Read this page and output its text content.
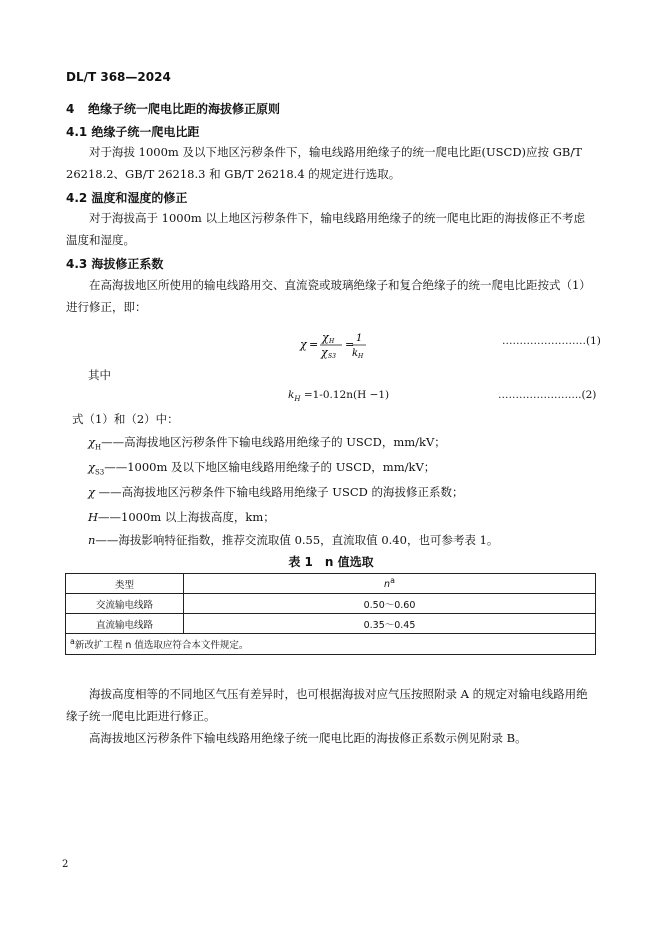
DL/T 368—2024
4 绝缘子统一爬电比距的海拔修正原则
4.1 绝缘子统一爬电比距
对于海拔 1000m 及以下地区污秽条件下，输电线路用绝缘子的统一爬电比距(USCD)应按 GB/T 26218.2、GB/T 26218.3 和 GB/T 26218.4 的规定进行选取。
4.2 温度和湿度的修正
对于海拔高于 1000m 以上地区污秽条件下，输电线路用绝缘子的统一爬电比距的海拔修正不考虑温度和湿度。
4.3 海拔修正系数
在高海拔地区所使用的输电线路用交、直流瓷或玻璃绝缘子和复合绝缘子的统一爬电比距按式（1）进行修正，即：
χ =
χ H
χ S3
= 1
k H
……………………(1)
其中
$k_H =1-0.12n(H -1)$	…………………...(2)
式（1）和（2）中：
$\chi_H——$高海拔地区污秽条件下输电线路用绝缘子的 USCD，mm/kV；
$\chi_{S3}——1000m$ 及以下地区输电线路用绝缘子的 USCD，mm/kV；
χ ——高海拔地区污秽条件下输电线路用绝缘子 USCD 的海拔修正系数；
H——1000m 以上海拔高度，km；
n——海拔影响特征指数，推荐交流取值 0.55，直流取值 0.40，也可参考表 1。
表 1　n 值选取
类型	$n^a$
交流输电线路	0.50～0.60
直流输电线路	0.35～0.45
$^a$新改扩工程 n 值选取应符合本文件规定。	
海拔高度相等的不同地区气压有差异时，也可根据海拔对应气压按照附录 A 的规定对输电线路用绝缘子统一爬电比距进行修正。
高海拔地区污秽条件下输电线路用绝缘子统一爬电比距的海拔修正系数示例见附录 B。
2
